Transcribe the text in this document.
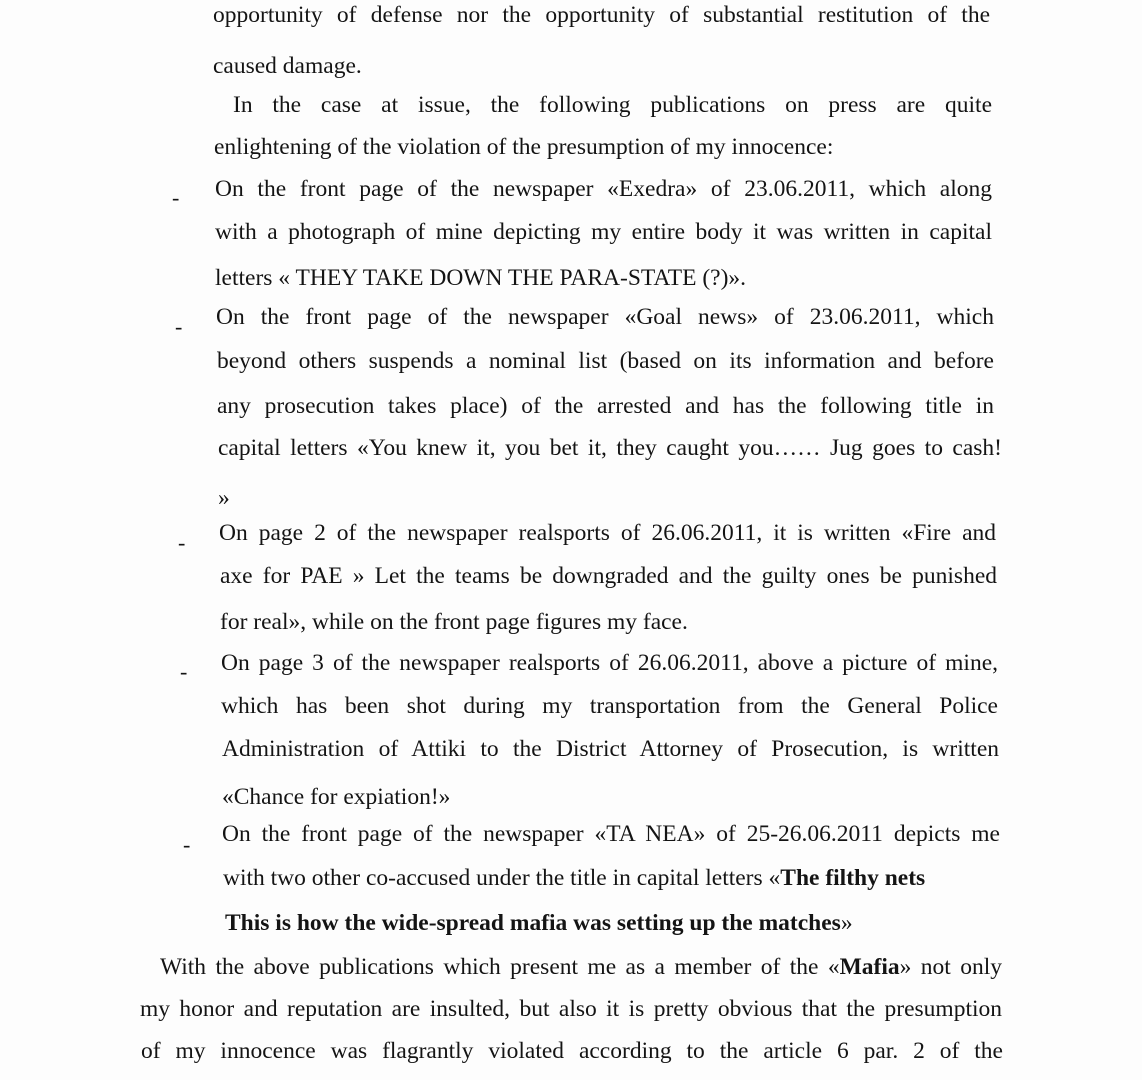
opportunity of defense nor the opportunity of substantial restitution of the
caused damage.
In the case at issue, the following publications on press are quite
enlightening of the violation of the presumption of my innocence:
- On the front page of the newspaper «Exedra» of 23.06.2011, which along
with a photograph of mine depicting my entire body it was written in capital
letters « THEY TAKE DOWN THE PARA-STATE (?)».
- On the front page of the newspaper «Goal news» of 23.06.2011, which
beyond others suspends a nominal list (based on its information and before
any prosecution takes place) of the arrested and has the following title in
capital letters «You knew it, you bet it, they caught you…… Jug goes to cash!
»
- On page 2 of the newspaper realsports of 26.06.2011, it is written «Fire and
axe for PAE » Let the teams be downgraded and the guilty ones be punished
for real», while on the front page figures my face.
- On page 3 of the newspaper realsports of 26.06.2011, above a picture of mine,
which has been shot during my transportation from the General Police
Administration of Attiki to the District Attorney of Prosecution, is written
«Chance for expiation!»
- On the front page of the newspaper «TA NEA» of 25-26.06.2011 depicts me
with two other co-accused under the title in capital letters «The filthy nets
This is how the wide-spread mafia was setting up the matches»
With the above publications which present me as a member of the «Mafia» not only
my honor and reputation are insulted, but also it is pretty obvious that the presumption
of my innocence was flagrantly violated according to the article 6 par. 2 of the
